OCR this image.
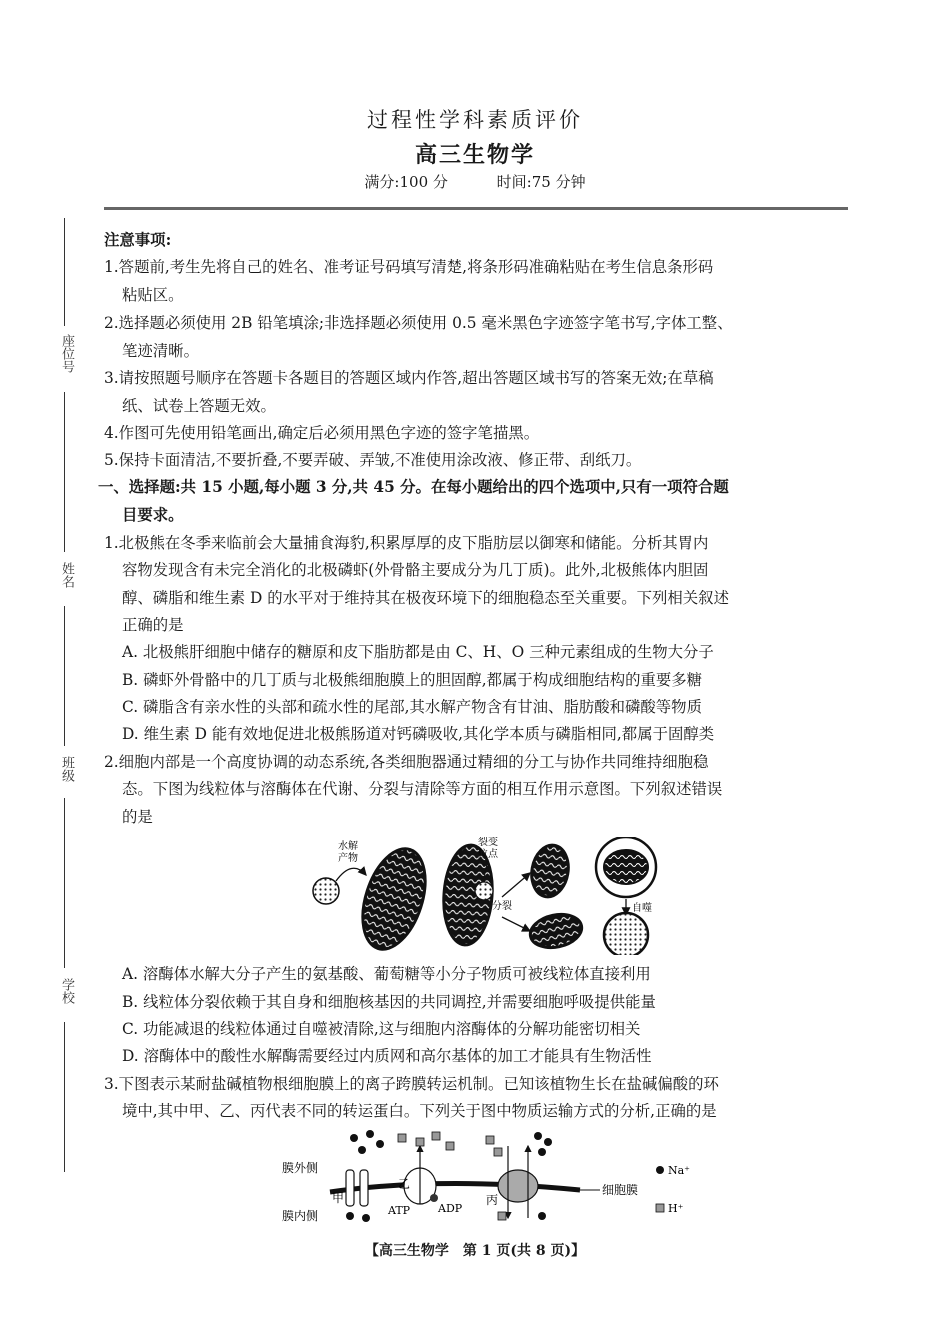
过程性学科素质评价
高三生物学
满分:100 分	时间:75 分钟
座位号
姓名
班级
学校
注意事项:
1.答题前,考生先将自己的姓名、准考证号码填写清楚,将条形码准确粘贴在考生信息条形码
粘贴区。
2.选择题必须使用 2B 铅笔填涂;非选择题必须使用 0.5 毫米黑色字迹签字笔书写,字体工整、
笔迹清晰。
3.请按照题号顺序在答题卡各题目的答题区域内作答,超出答题区域书写的答案无效;在草稿
纸、试卷上答题无效。
4.作图可先使用铅笔画出,确定后必须用黑色字迹的签字笔描黑。
5.保持卡面清洁,不要折叠,不要弄破、弄皱,不准使用涂改液、修正带、刮纸刀。
一、选择题:共 15 小题,每小题 3 分,共 45 分。在每小题给出的四个选项中,只有一项符合题
目要求。
1.北极熊在冬季来临前会大量捕食海豹,积累厚厚的皮下脂肪层以御寒和储能。分析其胃内
容物发现含有未完全消化的北极磷虾(外骨骼主要成分为几丁质)。此外,北极熊体内胆固
醇、磷脂和维生素 D 的水平对于维持其在极夜环境下的细胞稳态至关重要。下列相关叙述
正确的是
A. 北极熊肝细胞中储存的糖原和皮下脂肪都是由 C、H、O 三种元素组成的生物大分子
B. 磷虾外骨骼中的几丁质与北极熊细胞膜上的胆固醇,都属于构成细胞结构的重要多糖
C. 磷脂含有亲水性的头部和疏水性的尾部,其水解产物含有甘油、脂肪酸和磷酸等物质
D. 维生素 D 能有效地促进北极熊肠道对钙磷吸收,其化学本质与磷脂相同,都属于固醇类
2.细胞内部是一个高度协调的动态系统,各类细胞器通过精细的分工与协作共同维持细胞稳
态。下图为线粒体与溶酶体在代谢、分裂与清除等方面的相互作用示意图。下列叙述错误
的是
A. 溶酶体水解大分子产生的氨基酸、葡萄糖等小分子物质可被线粒体直接利用
B. 线粒体分裂依赖于其自身和细胞核基因的共同调控,并需要细胞呼吸提供能量
C. 功能减退的线粒体通过自噬被清除,这与细胞内溶酶体的分解功能密切相关
D. 溶酶体中的酸性水解酶需要经过内质网和高尔基体的加工才能具有生物活性
3.下图表示某耐盐碱植物根细胞膜上的离子跨膜转运机制。已知该植物生长在盐碱偏酸的环
境中,其中甲、乙、丙代表不同的转运蛋白。下列关于图中物质运输方式的分析,正确的是
水解
产物
裂变
位点
分裂	自噬
膜外侧
膜内侧
细胞膜
甲
乙
ATP	ADP
丙
Na⁺
H⁺
【高三生物学　第 1 页(共 8 页)】
